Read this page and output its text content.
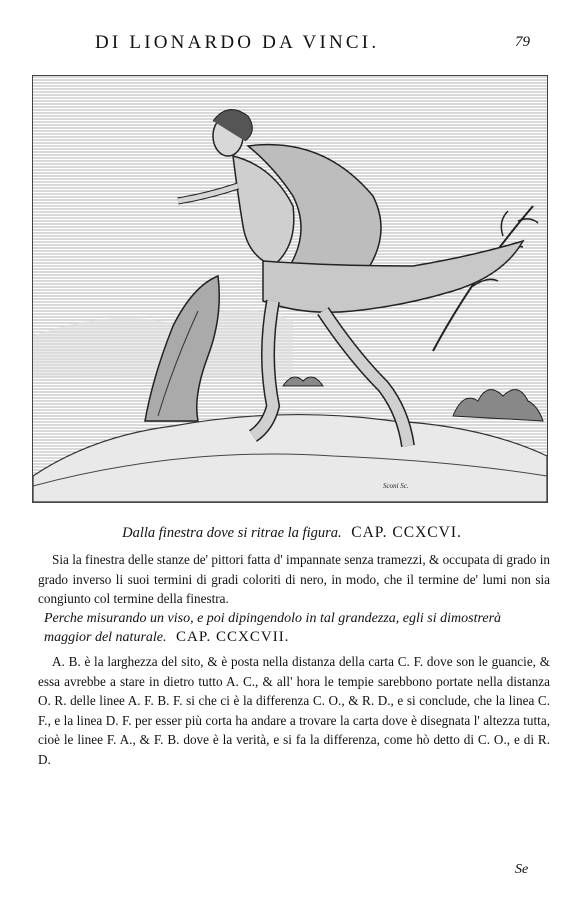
DI LIONARDO DA VINCI.	79
Sconi Sc.
Dalla finestra dove si ritrae la figura. CAP. CCXCVI.
Sia la finestra delle stanze de' pittori fatta d' impannate senza tramezzi, & occupata di grado in grado inverso li suoi termini di gradi coloriti di nero, in modo, che il termine de' lumi non sia congiunto col termine della finestra.
Perche misurando un viso, e poi dipingendolo in tal grandezza, egli si dimostrerà maggior del naturale. CAP. CCXCVII.
A. B. è la larghezza del sito, & è posta nella distanza della carta C. F. dove son le guancie, & essa avrebbe a stare in dietro tutto A. C., & all' hora le tempie sarebbono portate nella distanza O. R. delle linee A. F. B. F. si che ci è la differenza C. O., & R. D., e si conclude, che la linea C. F., e la linea D. F. per esser più corta ha andare a trovare la carta dove è disegnata l' altezza tutta, cioè le linee F. A., & F. B. dove è la verità, e si fa la differenza, come hò detto di C. O., e di R. D.
Se
